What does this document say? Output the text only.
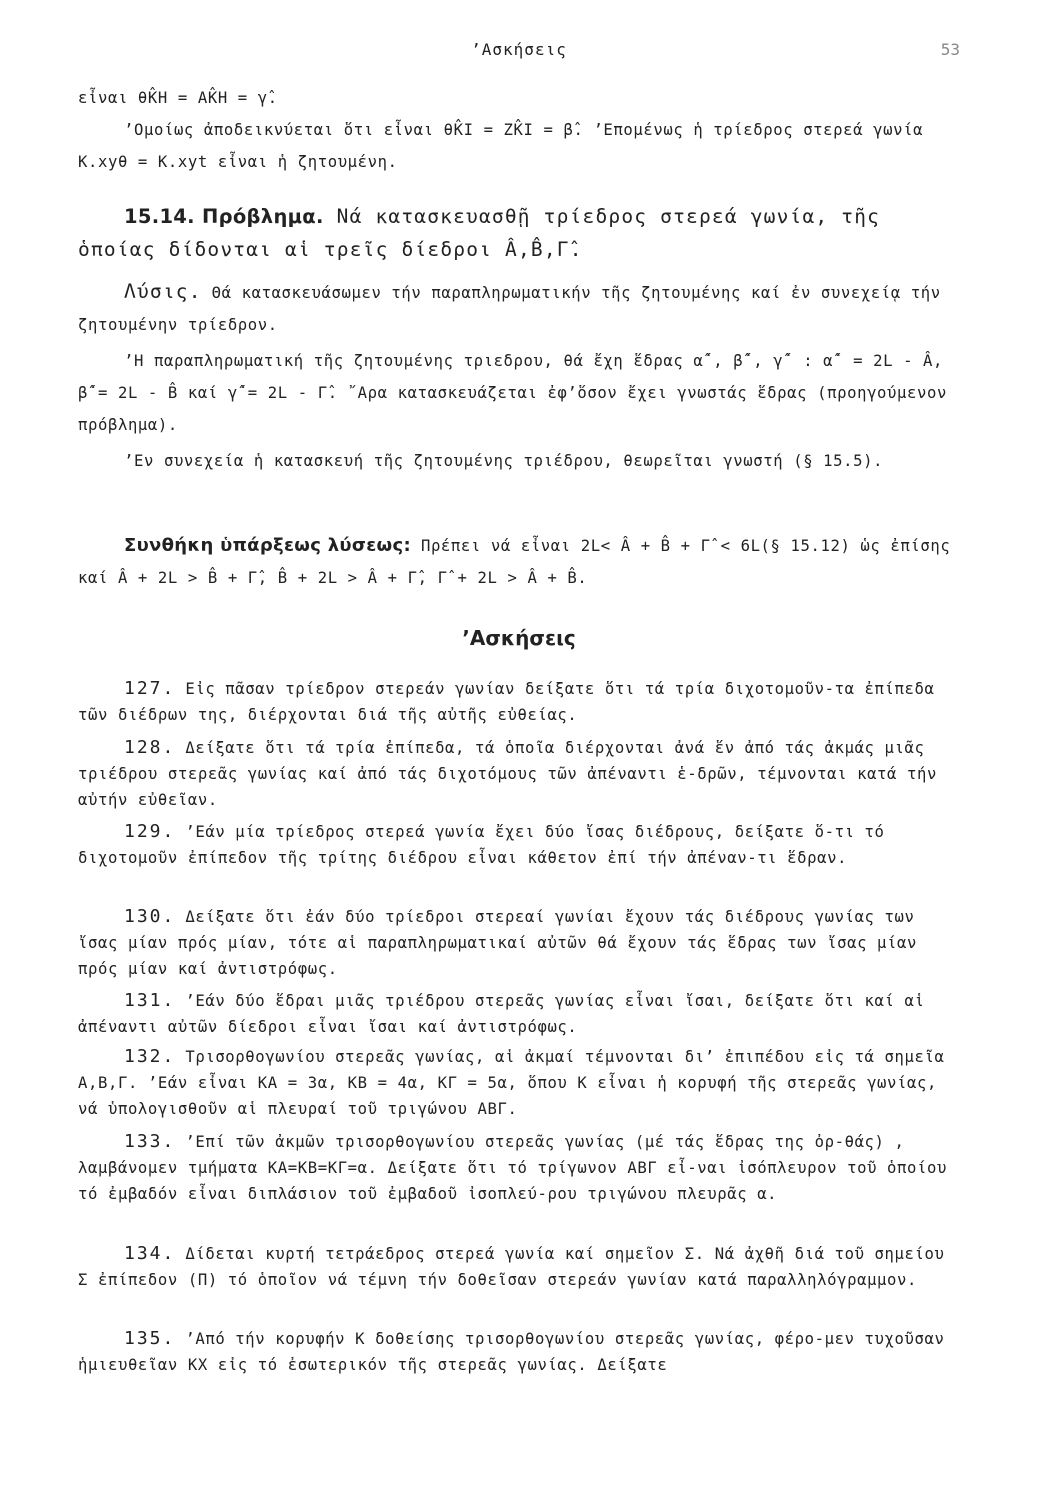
’Ασκήσεις	53

εἶναι θK̂H = AK̂H = γ̂.

’Ομοίως ἀποδεικνύεται ὅτι εἶναι θK̂I = ZK̂I = β̂. ’Επομένως ἡ τρίεδρος στερεά γωνία K.xyθ = K.xyt εἶναι ἡ ζητουμένη.

15.14. Πρόβλημα. Νά κατασκευασθῇ τρίεδρος στερεά γωνία, τῆς ὁποίας δίδονται αἱ τρεῖς δίεδροι Â,B̂,Γ̂.

Λύσις. Θά κατασκευάσωμεν τήν παραπληρωματικήν τῆς ζητουμένης καί ἐν συνεχείᾳ τήν ζητουμένην τρίεδρον.

’Η παραπληρωματική τῆς ζητουμένης τριεδρου, θά ἔχη ἕδρας α̂΄, β̂΄, γ̂΄ : α̂΄ = 2L - Â, β̂΄= 2L - B̂ καί γ̂΄= 2L - Γ̂. ῎Αρα κατασκευάζεται ἐφ’ὅσον ἔχει γνωστάς ἕδρας (προηγούμενον πρόβλημα).

’Εν συνεχεία ἡ κατασκευή τῆς ζητουμένης τριέδρου, θεωρεῖται γνωστή (§ 15.5).

Συνθήκη ὑπάρξεως λύσεως: Πρέπει νά εἶναι 2L< Â + B̂ + Γ̂ < 6L(§ 15.12) ὡς ἐπίσης καί Â + 2L > B̂ + Γ̂, B̂ + 2L > Â + Γ̂, Γ̂ + 2L > Â + B̂.

’Ασκήσεις

127. Εἰς πᾶσαν τρίεδρον στερεάν γωνίαν δείξατε ὅτι τά τρία διχοτομοῦν-τα ἐπίπεδα τῶν διέδρων της, διέρχονται διά τῆς αὐτῆς εὐθείας.

128. Δείξατε ὅτι τά τρία ἐπίπεδα, τά ὁποῖα διέρχονται ἀνά ἕν ἀπό τάς ἀκμάς μιᾶς τριέδρου στερεᾶς γωνίας καί ἀπό τάς διχοτόμους τῶν ἀπέναντι ἑ-δρῶν, τέμνονται κατά τήν αὐτήν εὐθεῖαν.

129. ’Εάν μία τρίεδρος στερεά γωνία ἔχει δύο ἴσας διέδρους, δείξατε ὅ-τι τό διχοτομοῦν ἐπίπεδον τῆς τρίτης διέδρου εἶναι κάθετον ἐπί τήν ἀπέναν-τι ἕδραν.

130. Δείξατε ὅτι ἐάν δύο τρίεδροι στερεαί γωνίαι ἔχουν τάς διέδρους γωνίας των ἴσας μίαν πρός μίαν, τότε αἱ παραπληρωματικαί αὐτῶν θά ἔχουν τάς ἕδρας των ἴσας μίαν πρός μίαν καί ἀντιστρόφως.

131. ’Εάν δύο ἕδραι μιᾶς τριέδρου στερεᾶς γωνίας εἶναι ἴσαι, δείξατε ὅτι καί αἱ ἀπέναντι αὐτῶν δίεδροι εἶναι ἴσαι καί ἀντιστρόφως.

132. Τρισορθογωνίου στερεᾶς γωνίας, αἱ ἀκμαί τέμνονται δι’ ἐπιπέδου εἰς τά σημεῖα Α,Β,Γ. ’Εάν εἶναι ΚΑ = 3α, ΚΒ = 4α, ΚΓ = 5α, ὅπου Κ εἶναι ἡ κορυφή τῆς στερεᾶς γωνίας, νά ὑπολογισθοῦν αἱ πλευραί τοῦ τριγώνου ΑΒΓ.

133. ’Επί τῶν ἀκμῶν τρισορθογωνίου στερεᾶς γωνίας (μέ τάς ἕδρας της ὀρ-θάς) , λαμβάνομεν τμήματα ΚΑ=ΚΒ=ΚΓ=α. Δείξατε ὅτι τό τρίγωνον ΑΒΓ εἶ-ναι ἰσόπλευρον τοῦ ὁποίου τό ἐμβαδόν εἶναι διπλάσιον τοῦ ἐμβαδοῦ ἰσοπλεύ-ρου τριγώνου πλευρᾶς α.

134. Δίδεται κυρτή τετράεδρος στερεά γωνία καί σημεῖον Σ. Νά ἀχθῆ διά τοῦ σημείου Σ ἐπίπεδον (Π) τό ὁποῖον νά τέμνη τήν δοθεῖσαν στερεάν γωνίαν κατά παραλληλόγραμμον.

135. ’Από τήν κορυφήν Κ δοθείσης τρισορθογωνίου στερεᾶς γωνίας, φέρο-μεν τυχοῦσαν ἡμιευθεῖαν ΚΧ εἰς τό ἐσωτερικόν τῆς στερεᾶς γωνίας. Δείξατε
